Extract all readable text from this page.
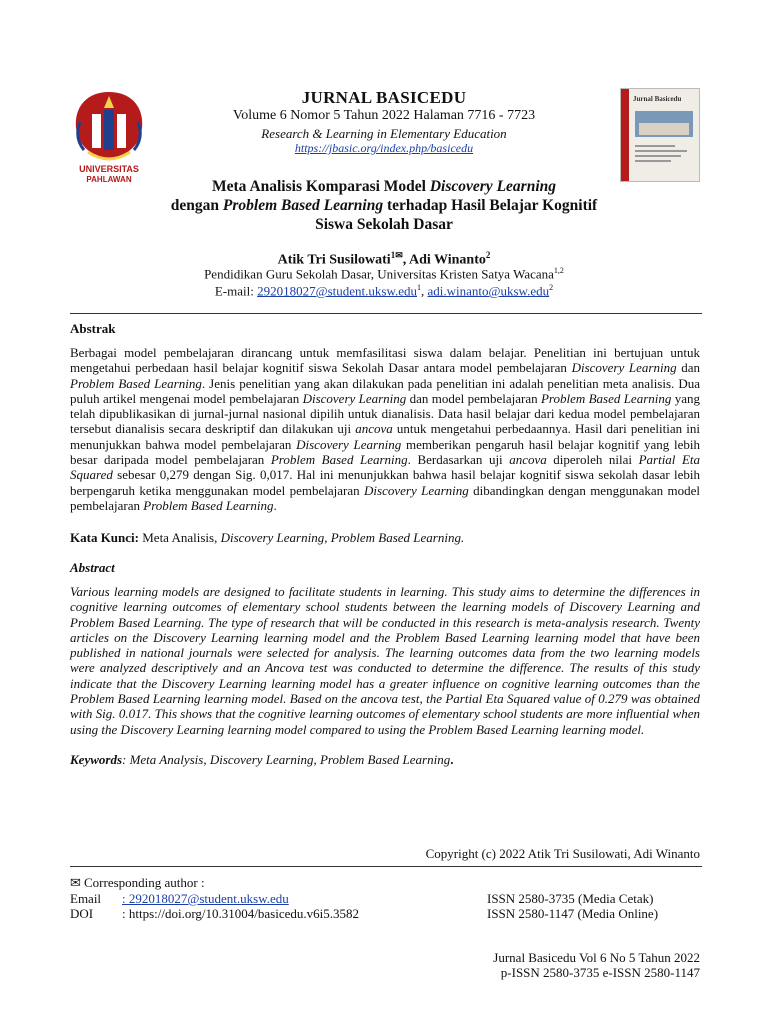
UNIVERSITAS
PAHLAWAN
Jurnal Basicedu
JURNAL BASICEDU
Volume 6 Nomor 5 Tahun 2022 Halaman 7716 - 7723
Research & Learning in Elementary Education
https://jbasic.org/index.php/basicedu
Meta Analisis Komparasi Model Discovery Learning
dengan Problem Based Learning terhadap Hasil Belajar Kognitif
Siswa Sekolah Dasar
Atik Tri Susilowati$^{1✉}$, Adi Winanto$^2$
Pendidikan Guru Sekolah Dasar, Universitas Kristen Satya Wacana$^{1,2}$
E-mail: 292018027@student.uksw.edu$^1$, adi.winanto@uksw.edu$^2$
Abstrak
Berbagai model pembelajaran dirancang untuk memfasilitasi siswa dalam belajar. Penelitian ini bertujuan untuk mengetahui perbedaan hasil belajar kognitif siswa Sekolah Dasar antara model pembelajaran Discovery Learning dan Problem Based Learning. Jenis penelitian yang akan dilakukan pada penelitian ini adalah penelitian meta analisis. Dua puluh artikel mengenai model pembelajaran Discovery Learning dan model pembelajaran Problem Based Learning yang telah dipublikasikan di jurnal-jurnal nasional dipilih untuk dianalisis. Data hasil belajar dari kedua model pembelajaran tersebut dianalisis secara deskriptif dan dilakukan uji ancova untuk mengetahui perbedaannya. Hasil dari penelitian ini menunjukkan bahwa model pembelajaran Discovery Learning memberikan pengaruh hasil belajar kognitif yang lebih besar daripada model pembelajaran Problem Based Learning. Berdasarkan uji ancova diperoleh nilai Partial Eta Squared sebesar 0,279 dengan Sig. 0,017. Hal ini menunjukkan bahwa hasil belajar kognitif siswa sekolah dasar lebih berpengaruh ketika menggunakan model pembelajaran Discovery Learning dibandingkan dengan menggunakan model pembelajaran Problem Based Learning.
Kata Kunci: Meta Analisis, Discovery Learning, Problem Based Learning.
Abstract
Various learning models are designed to facilitate students in learning. This study aims to determine the differences in cognitive learning outcomes of elementary school students between the learning models of Discovery Learning and Problem Based Learning. The type of research that will be conducted in this research is meta-analysis research. Twenty articles on the Discovery Learning learning model and the Problem Based Learning learning model that have been published in national journals were selected for analysis. The learning outcomes data from the two learning models were analyzed descriptively and an Ancova test was conducted to determine the difference. The results of this study indicate that the Discovery Learning learning model has a greater influence on cognitive learning outcomes than the Problem Based Learning learning model. Based on the ancova test, the Partial Eta Squared value of 0.279 was obtained with Sig. 0.017. This shows that the cognitive learning outcomes of elementary school students are more influential when using the Discovery Learning learning model compared to using the Problem Based Learning learning model.
Keywords: Meta Analysis, Discovery Learning, Problem Based Learning.
Copyright (c) 2022 Atik Tri Susilowati, Adi Winanto
✉ Corresponding author :
Email : 292018027@student.uksw.edu
DOI : https://doi.org/10.31004/basicedu.v6i5.3582
ISSN 2580-3735 (Media Cetak)
ISSN 2580-1147 (Media Online)
Jurnal Basicedu Vol 6 No 5 Tahun 2022
p-ISSN 2580-3735 e-ISSN 2580-1147
